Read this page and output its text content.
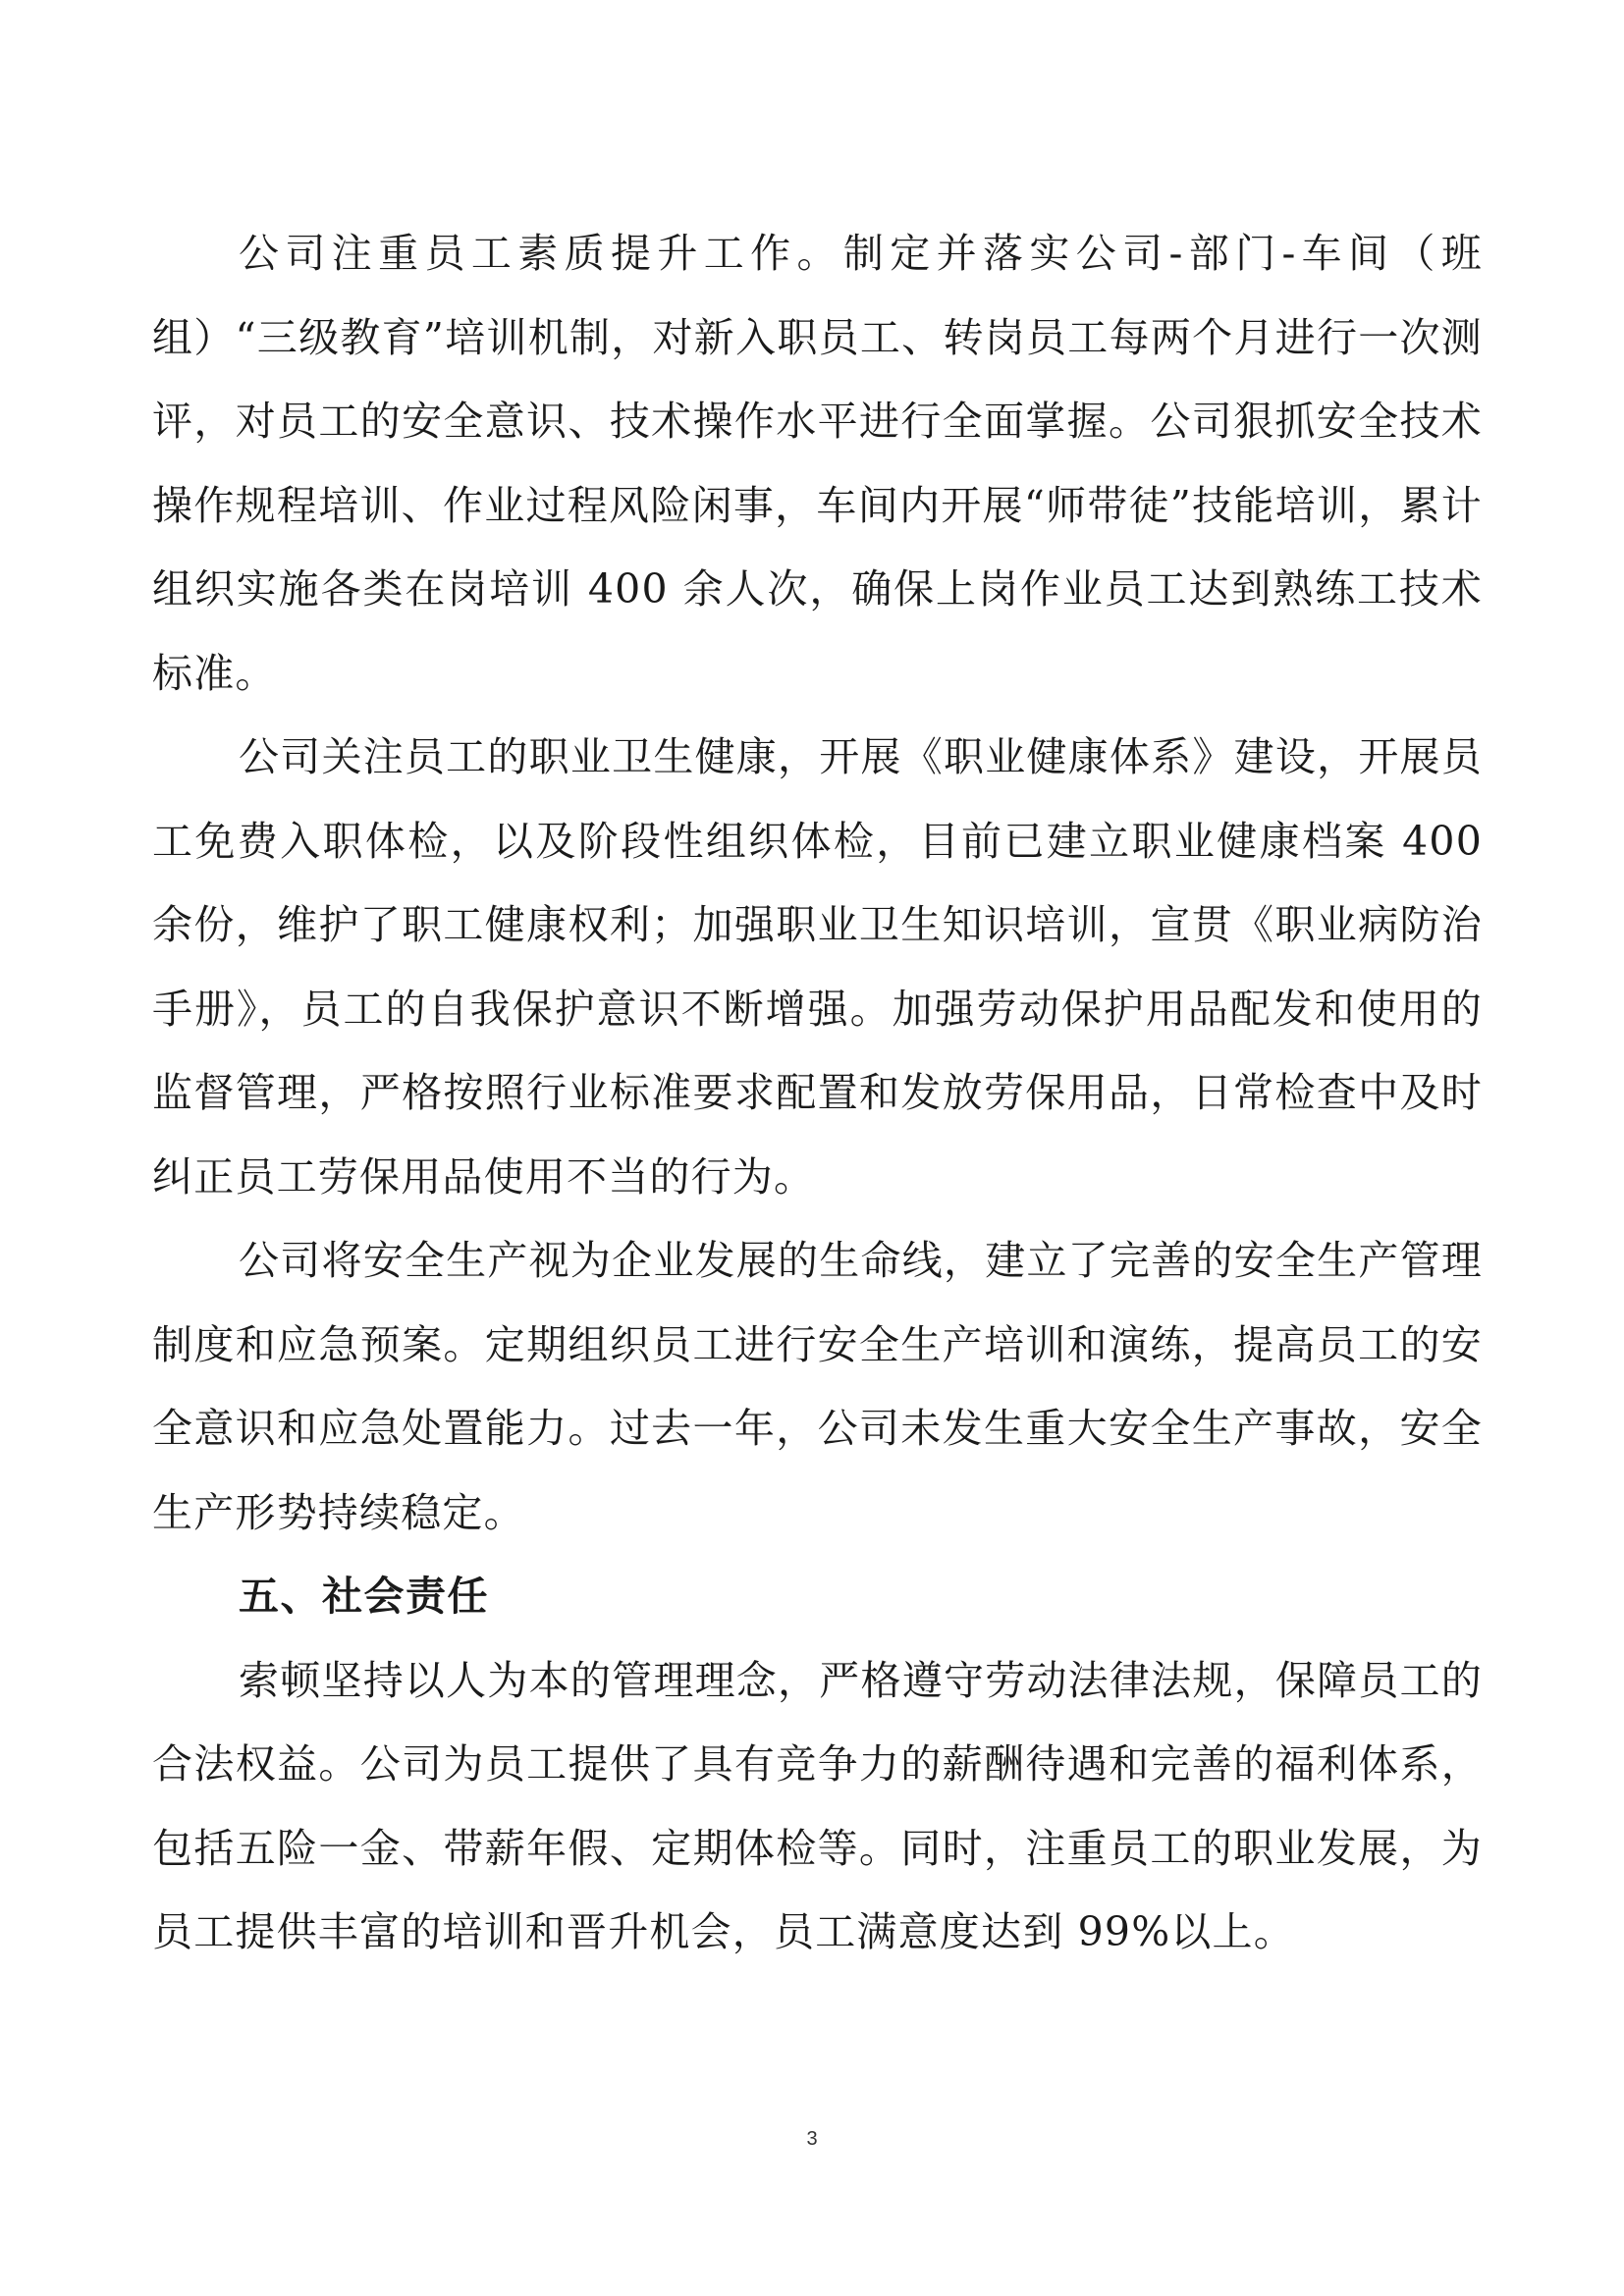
公司注重员工素质提升工作。制定并落实公司-部门-车间（班组）“三级教育”培训机制，对新入职员工、转岗员工每两个月进行一次测评，对员工的安全意识、技术操作水平进行全面掌握。公司狠抓安全技术操作规程培训、作业过程风险闲事，车间内开展“师带徒”技能培训，累计组织实施各类在岗培训 400 余人次，确保上岗作业员工达到熟练工技术标准。

公司关注员工的职业卫生健康，开展《职业健康体系》建设，开展员工免费入职体检，以及阶段性组织体检，目前已建立职业健康档案 400 余份，维护了职工健康权利；加强职业卫生知识培训，宣贯《职业病防治手册》，员工的自我保护意识不断增强。加强劳动保护用品配发和使用的监督管理，严格按照行业标准要求配置和发放劳保用品，日常检查中及时纠正员工劳保用品使用不当的行为。

公司将安全生产视为企业发展的生命线，建立了完善的安全生产管理制度和应急预案。定期组织员工进行安全生产培训和演练，提高员工的安全意识和应急处置能力。过去一年，公司未发生重大安全生产事故，安全生产形势持续稳定。

五、社会责任

索顿坚持以人为本的管理理念，严格遵守劳动法律法规，保障员工的合法权益。公司为员工提供了具有竞争力的薪酬待遇和完善的福利体系，包括五险一金、带薪年假、定期体检等。同时，注重员工的职业发展，为员工提供丰富的培训和晋升机会，员工满意度达到 99%以上。

3
